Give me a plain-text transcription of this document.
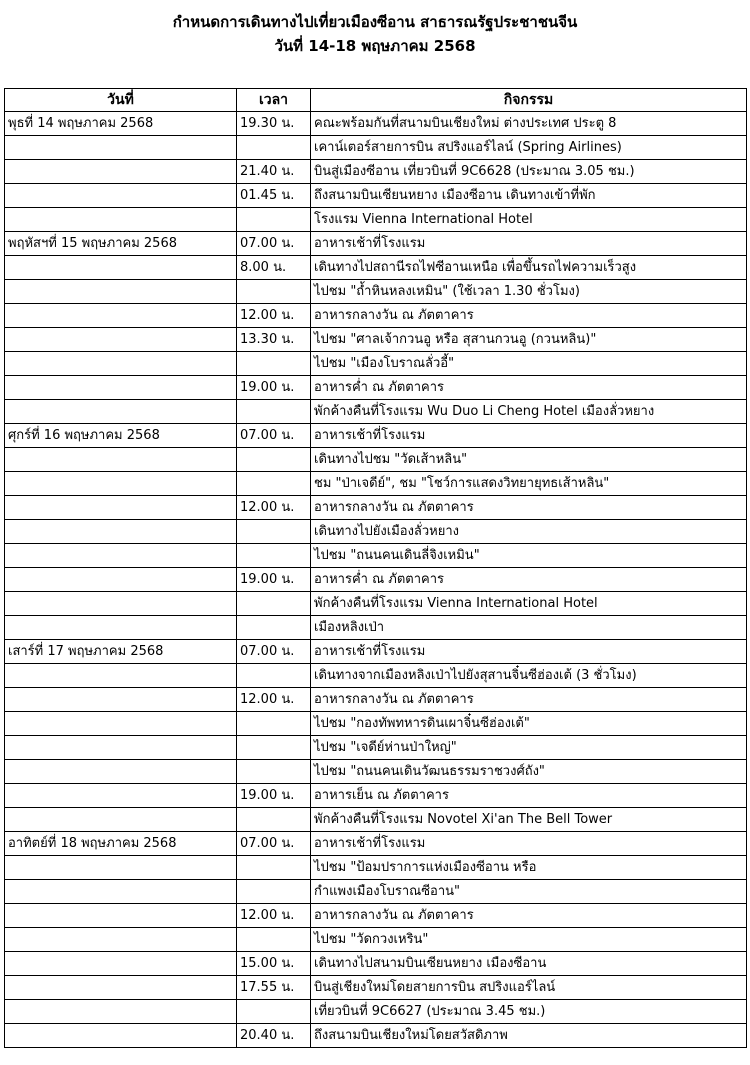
กำหนดการเดินทางไปเที่ยวเมืองซีอาน สาธารณรัฐประชาชนจีน

วันที่ 14-18 พฤษภาคม 2568

วันที่	เวลา	กิจกรรม
พุธที่ 14 พฤษภาคม 2568	19.30 น.	คณะพร้อมกันที่สนามบินเชียงใหม่ ต่างประเทศ ประตู 8
		เคาน์เตอร์สายการบิน สปริงแอร์ไลน์ (Spring Airlines)
	21.40 น.	บินสู่เมืองซีอาน เที่ยวบินที่ 9C6628 (ประมาณ 3.05 ชม.)
	01.45 น.	ถึงสนามบินเซียนหยาง เมืองซีอาน เดินทางเข้าที่พัก
		โรงแรม Vienna International Hotel
พฤหัสฯที่ 15 พฤษภาคม 2568	07.00 น.	อาหารเช้าที่โรงแรม
	8.00 น.	เดินทางไปสถานีรถไฟซีอานเหนือ เพื่อขึ้นรถไฟความเร็วสูง
		ไปชม "ถ้ำหินหลงเหมิน" (ใช้เวลา 1.30 ชั่วโมง)
	12.00 น.	อาหารกลางวัน ณ ภัตตาคาร
	13.30 น.	ไปชม "ศาลเจ้ากวนอู หรือ สุสานกวนอู (กวนหลิน)"
		ไปชม "เมืองโบราณลั่วอี้"
	19.00 น.	อาหารค่ำ ณ ภัตตาคาร
		พักค้างคืนที่โรงแรม Wu Duo Li Cheng Hotel เมืองลั่วหยาง
ศุกร์ที่ 16 พฤษภาคม 2568	07.00 น.	อาหารเช้าที่โรงแรม
		เดินทางไปชม "วัดเส้าหลิน"
		ชม "ป่าเจดีย์", ชม "โชว์การแสดงวิทยายุทธเส้าหลิน"
	12.00 น.	อาหารกลางวัน ณ ภัตตาคาร
		เดินทางไปยังเมืองลั่วหยาง
		ไปชม "ถนนคนเดินลี่จิงเหมิน"
	19.00 น.	อาหารค่ำ ณ ภัตตาคาร
		พักค้างคืนที่โรงแรม Vienna International Hotel
		เมืองหลิงเป่า
เสาร์ที่ 17 พฤษภาคม 2568	07.00 น.	อาหารเช้าที่โรงแรม
		เดินทางจากเมืองหลิงเป่าไปยังสุสานจิ๋นซีฮ่องเต้ (3 ชั่วโมง)
	12.00 น.	อาหารกลางวัน ณ ภัตตาคาร
		ไปชม "กองทัพทหารดินเผาจิ๋นซีฮ่องเต้"
		ไปชม "เจดีย์ห่านป่าใหญ่"
		ไปชม "ถนนคนเดินวัฒนธรรมราชวงศ์ถัง"
	19.00 น.	อาหารเย็น ณ ภัตตาคาร
		พักค้างคืนที่โรงแรม Novotel Xi'an The Bell Tower
อาทิตย์ที่ 18 พฤษภาคม 2568	07.00 น.	อาหารเช้าที่โรงแรม
		ไปชม "ป้อมปราการแห่งเมืองซีอาน หรือ
		กำแพงเมืองโบราณซีอาน"
	12.00 น.	อาหารกลางวัน ณ ภัตตาคาร
		ไปชม "วัดกวงเหริน"
	15.00 น.	เดินทางไปสนามบินเซียนหยาง เมืองซีอาน
	17.55 น.	บินสู่เชียงใหม่โดยสายการบิน สปริงแอร์ไลน์
		เที่ยวบินที่ 9C6627 (ประมาณ 3.45 ชม.)
	20.40 น.	ถึงสนามบินเชียงใหม่โดยสวัสดิภาพ
